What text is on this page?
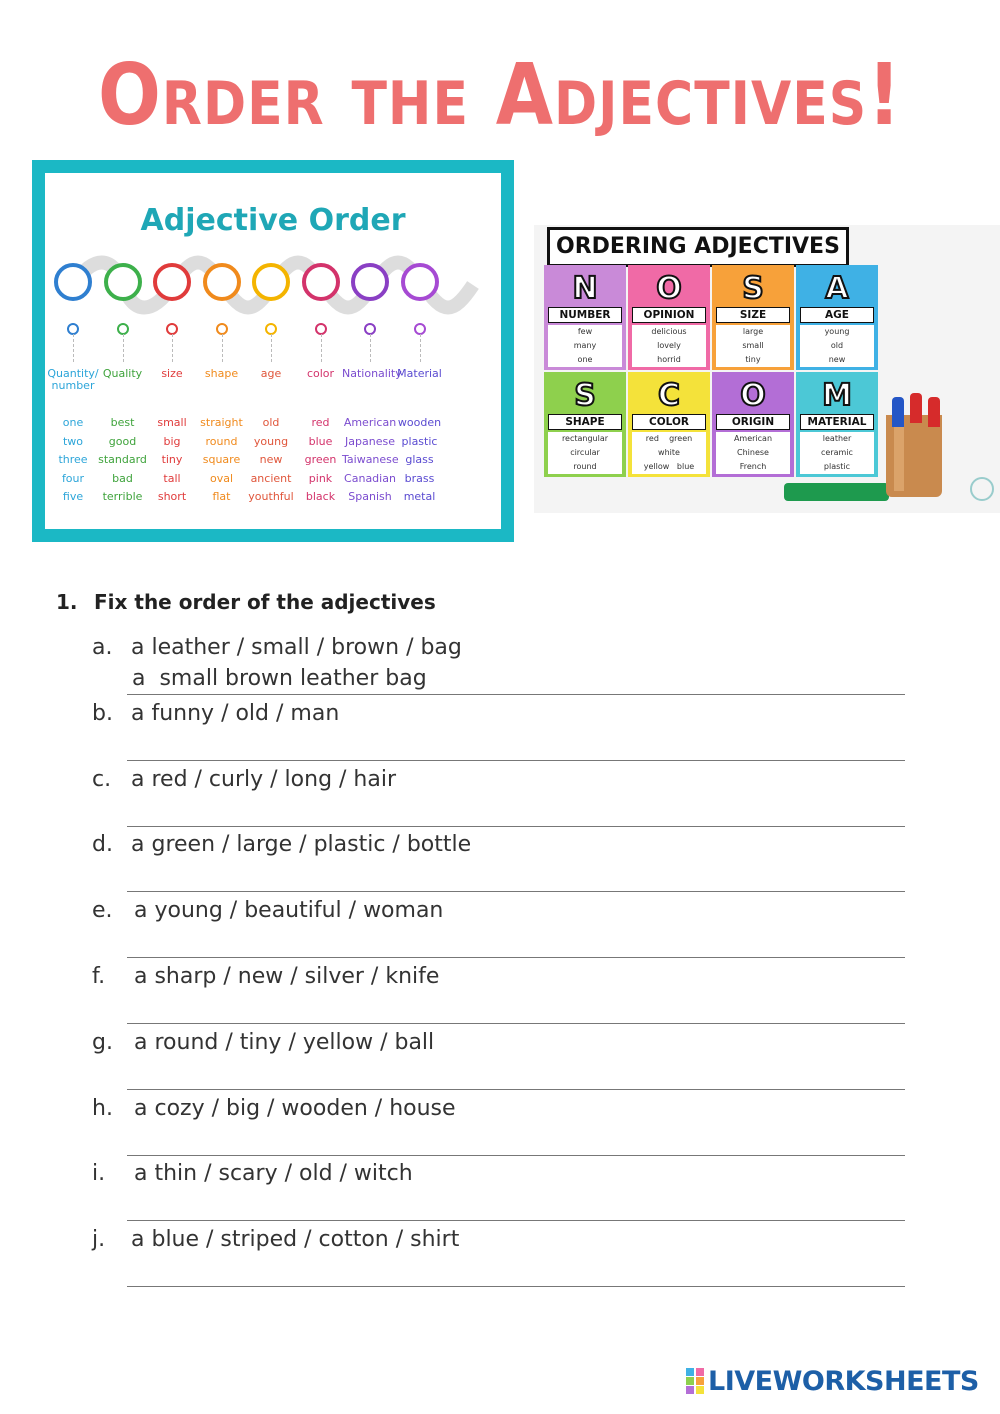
Order the Adjectives!
Adjective Order
Quantity/ number
one
two
three
four
five
Quality
best
good
standard
bad
terrible
size
small
big
tiny
tall
short
shape
straight
round
square
oval
flat
age
old
young
new
ancient
youthful
color
red
blue
green
pink
black
Nationality
American
Japanese
Taiwanese
Canadian
Spanish
Material
wooden
plastic
glass
brass
metal
ORDERING ADJECTIVES
N
NUMBER
few
many
one
O
OPINION
delicious
lovely
horrid
S
SIZE
large
small
tiny
A
AGE
young
old
new
S
SHAPE
rectangular
circular
round
C
COLOR
red    green
white
yellow   blue
O
ORIGIN
American
Chinese
French
M
MATERIAL
leather
ceramic
plastic
1. Fix the order of the adjectives
a. a leather / small / brown / bag
a  small brown leather bag
b. a funny / old / man
c. a red / curly / long / hair
d. a green / large / plastic / bottle
e. a young / beautiful / woman
f. a sharp / new / silver / knife
g. a round / tiny / yellow / ball
h. a cozy / big / wooden / house
i. a thin / scary / old / witch
j. a blue / striped / cotton / shirt
LIVEWORKSHEETS
